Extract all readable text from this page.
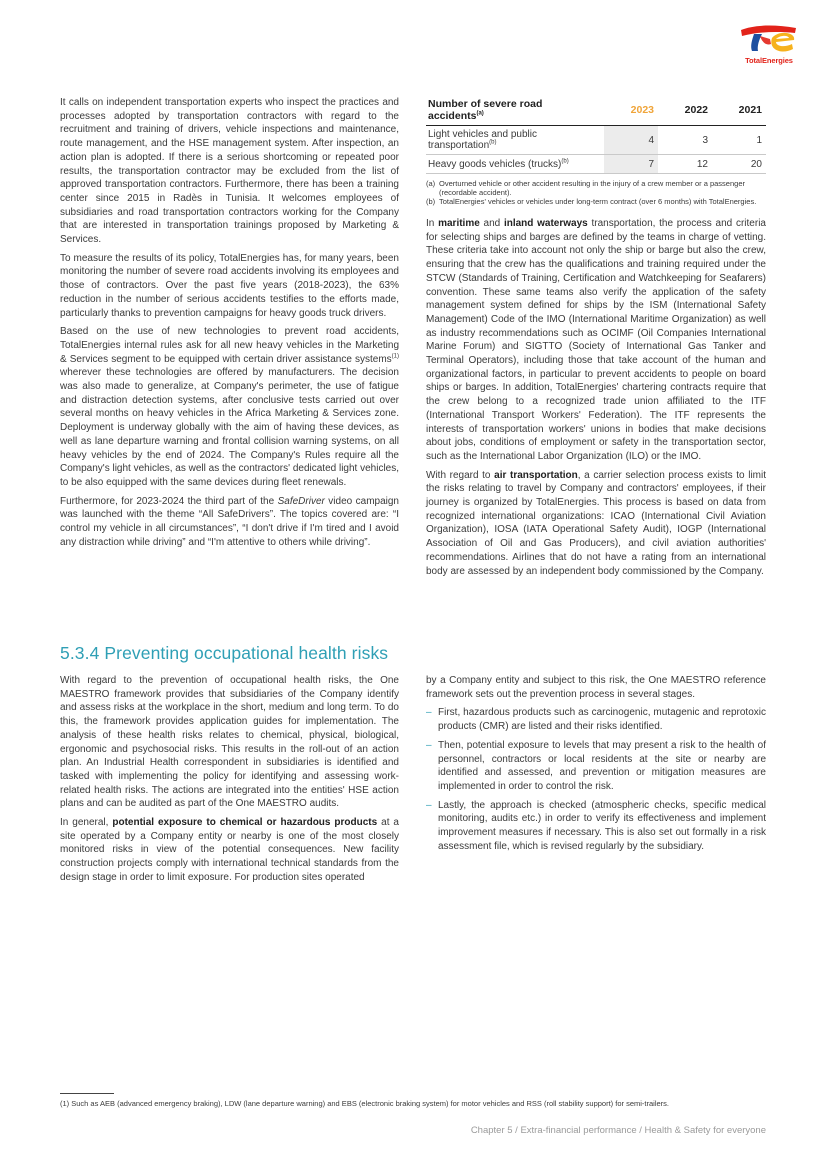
TotalEnergies

It calls on independent transportation experts who inspect the practices and processes adopted by transportation contractors with regard to the recruitment and training of drivers, vehicle inspections and maintenance, route management, and the HSE management system. After inspection, an action plan is adopted. If there is a serious shortcoming or repeated poor results, the transportation contractor may be excluded from the list of approved transportation contractors. Furthermore, there has been a training center since 2015 in Radès in Tunisia. It welcomes employees of subsidiaries and road transportation contractors working for the Company that are interested in transportation trainings proposed by Marketing & Services.

To measure the results of its policy, TotalEnergies has, for many years, been monitoring the number of severe road accidents involving its employees and those of contractors. Over the past five years (2018-2023), the 63% reduction in the number of serious accidents testifies to the efforts made, particularly thanks to prevention campaigns for heavy goods truck drivers.

Based on the use of new technologies to prevent road accidents, TotalEnergies internal rules ask for all new heavy vehicles in the Marketing & Services segment to be equipped with certain driver assistance systems$^{(1)}$ wherever these technologies are offered by manufacturers. The decision was also made to generalize, at Company's perimeter, the use of fatigue and distraction detection systems, after conclusive tests carried out over several months on heavy vehicles in the Africa Marketing & Services zone. Deployment is underway globally with the aim of having these devices, as well as lane departure warning and frontal collision warning systems, on all heavy vehicles by the end of 2024. The Company's Rules require all the Company's light vehicles, as well as the contractors' dedicated light vehicles, to be also equipped with the same devices during fleet renewals.

Furthermore, for 2023-2024 the third part of the SafeDriver video campaign was launched with the theme “All SafeDrivers”. The topics covered are: “I control my vehicle in all circumstances”, “I don't drive if I'm tired and I avoid any distraction while driving” and “I'm attentive to others while driving”.

Number of severe road accidents$^{(a)}$	2023	2022	2021
Light vehicles and public transportation$^{(b)}$	4	3	1
Heavy goods vehicles (trucks)$^{(b)}$	7	12	20
(a) Overturned vehicle or other accident resulting in the injury of a crew member or a passenger (recordable accident).
(b) TotalEnergies' vehicles or vehicles under long-term contract (over 6 months) with TotalEnergies.

In maritime and inland waterways transportation, the process and criteria for selecting ships and barges are defined by the teams in charge of vetting. These criteria take into account not only the ship or barge but also the crew, ensuring that the crew has the qualifications and training required under the STCW (Standards of Training, Certification and Watchkeeping for Seafarers) convention. These same teams also verify the application of the safety management system defined for ships by the ISM (International Safety Management) Code of the IMO (International Maritime Organization) as well as industry recommendations such as OCIMF (Oil Companies International Marine Forum) and SIGTTO (Society of International Gas Tanker and Terminal Operators), including those that take account of the human and organizational factors, in particular to prevent accidents to people on board ships or barges. In addition, TotalEnergies' chartering contracts require that the crew belong to a recognized trade union affiliated to the ITF (International Transport Workers' Federation). The ITF represents the interests of transportation workers' unions in bodies that make decisions about jobs, conditions of employment or safety in the transportation sector, such as the International Labor Organization (ILO) or the IMO.

With regard to air transportation, a carrier selection process exists to limit the risks relating to travel by Company and contractors' employees, if their journey is organized by TotalEnergies. This process is based on data from recognized international organizations: ICAO (International Civil Aviation Organization), IOSA (IATA Operational Safety Audit), IOGP (International Association of Oil and Gas Producers), and civil aviation authorities' recommendations. Airlines that do not have a rating from an international body are assessed by an independent body commissioned by the Company.

5.3.4 Preventing occupational health risks

With regard to the prevention of occupational health risks, the One MAESTRO framework provides that subsidiaries of the Company identify and assess risks at the workplace in the short, medium and long term. To do this, the framework provides application guides for implementation. The analysis of these health risks relates to chemical, physical, biological, ergonomic and psychosocial risks. This results in the roll-out of an action plan. An Industrial Health correspondent in subsidiaries is identified and tasked with implementing the policy for identifying and assessing work-related health risks. The actions are integrated into the entities' HSE action plans and can be audited as part of the One MAESTRO audits.

In general, potential exposure to chemical or hazardous products at a site operated by a Company entity or nearby is one of the most closely monitored risks in view of the potential consequences. New facility construction projects comply with international technical standards from the design stage in order to limit exposure. For production sites operated

by a Company entity and subject to this risk, the One MAESTRO reference framework sets out the prevention process in several stages.

– First, hazardous products such as carcinogenic, mutagenic and reprotoxic products (CMR) are listed and their risks identified.
– Then, potential exposure to levels that may present a risk to the health of personnel, contractors or local residents at the site or nearby are identified and assessed, and prevention or mitigation measures are implemented in order to control the risk.
– Lastly, the approach is checked (atmospheric checks, specific medical monitoring, audits etc.) in order to verify its effectiveness and implement improvement measures if necessary. This is also set out formally in a risk assessment file, which is revised regularly by the subsidiary.
(1) Such as AEB (advanced emergency braking), LDW (lane departure warning) and EBS (electronic braking system) for motor vehicles and RSS (roll stability support) for semi-trailers.
Chapter 5 / Extra-financial performance / Health & Safety for everyone
